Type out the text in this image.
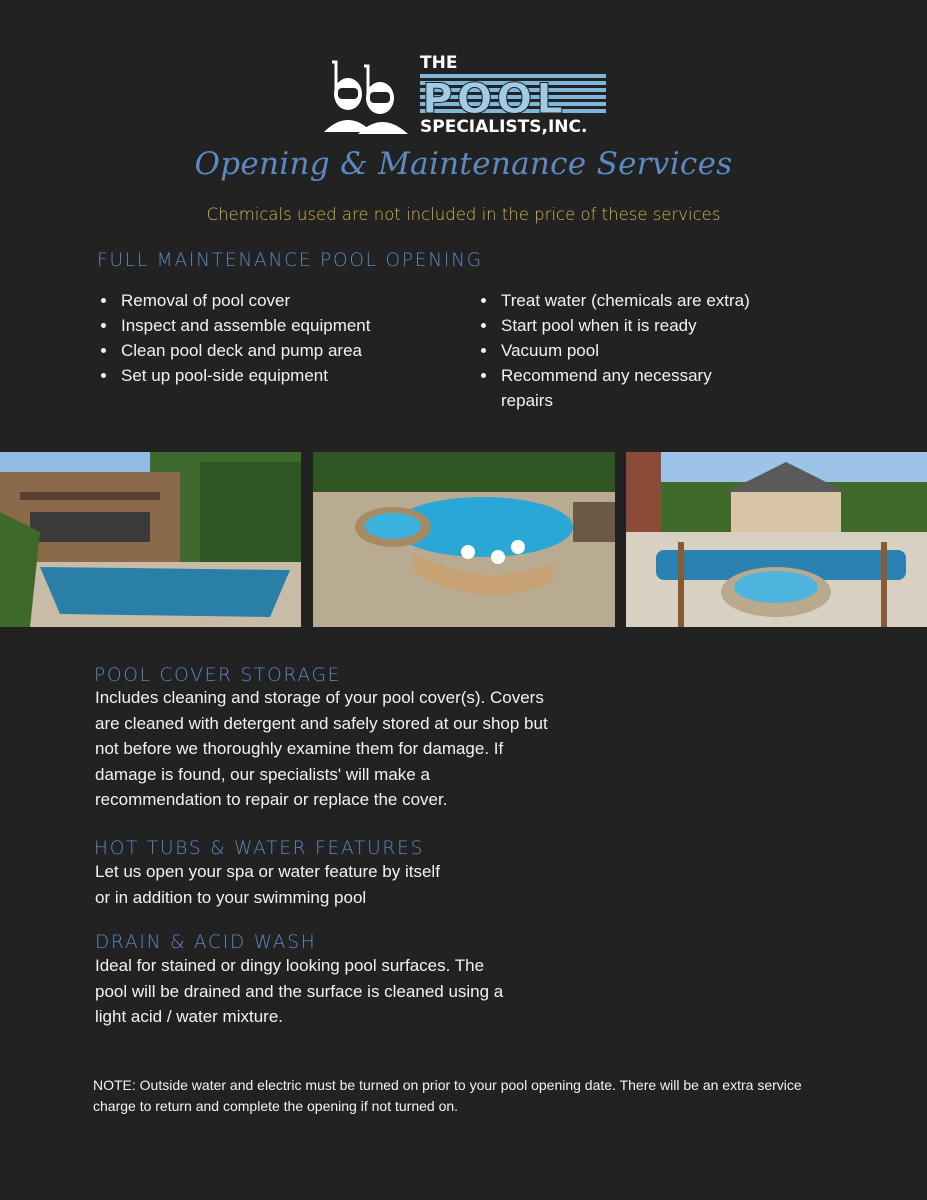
THE
POOL
SPECIALISTS,INC.
Opening & Maintenance Services
Chemicals used are not included in the price of these services
FULL MAINTENANCE POOL OPENING
Removal of pool cover
Inspect and assemble equipment
Clean pool deck and pump area
Set up pool-side equipment
Treat water (chemicals are extra)
Start pool when it is ready
Vacuum pool
Recommend any necessary repairs
POOL COVER STORAGE
Includes cleaning and storage of your pool cover(s). Covers are cleaned with detergent and safely stored at our shop but not before we thoroughly examine them for damage. If damage is found, our specialists' will make a recommendation to repair or replace the cover.
HOT TUBS & WATER FEATURES
Let us open your spa or water feature by itself or in addition to your swimming pool
DRAIN & ACID WASH
Ideal for stained or dingy looking pool surfaces. The pool will be drained and the surface is cleaned using a light acid / water mixture.
NOTE: Outside water and electric must be turned on prior to your pool opening date. There will be an extra service charge to return and complete the opening if not turned on.
